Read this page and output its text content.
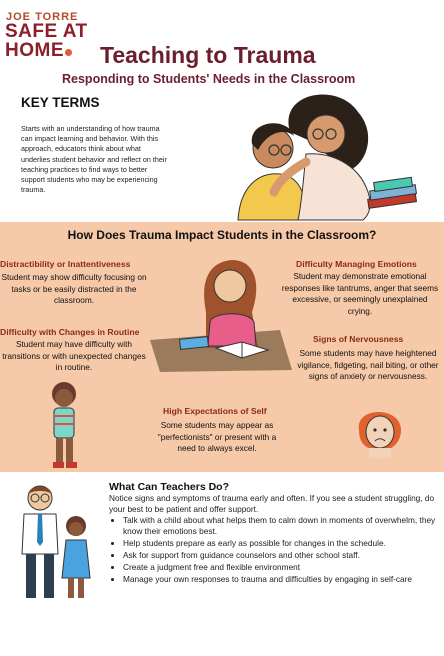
JOE TORRE
SAFE AT
HOME	Teaching to Trauma
Responding to Students' Needs in the Classroom
KEY TERMS
Starts with an understanding of how trauma can impact learning and behavior. With this approach, educators think about what underlies student behavior and reflect on their teaching practices to find ways to better support students who may be experiencing trauma.
How Does Trauma Impact Students in the Classroom?
Distractibility or Inattentiveness
Student may show difficulty focusing on tasks or be easily distracted in the classroom.
Difficulty with Changes in Routine
Student may have difficulty with transitions or with unexpected changes in routine.
Difficulty Managing Emotions
Student may demonstrate emotional responses like tantrums, anger that seems excessive, or seemingly unexplained crying.
Signs of Nervousness
Some students may have heightened vigilance, fidgeting, nail biting, or other signs of anxiety or nervousness.
High Expectations of Self
Some students may appear as "perfectionists" or present with a need to always excel.
What Can Teachers Do?
Notice signs and symptoms of trauma early and often. If you see a student struggling, do your best to be patient and offer support.
• Talk with a child about what helps them to calm down in moments of overwhelm, they know their emotions best.
• Help students prepare as early as possible for changes in the schedule.
• Ask for support from guidance counselors and other school staff.
• Create a judgment free and flexible environment
• Manage your own responses to trauma and difficulties by engaging in self-care
